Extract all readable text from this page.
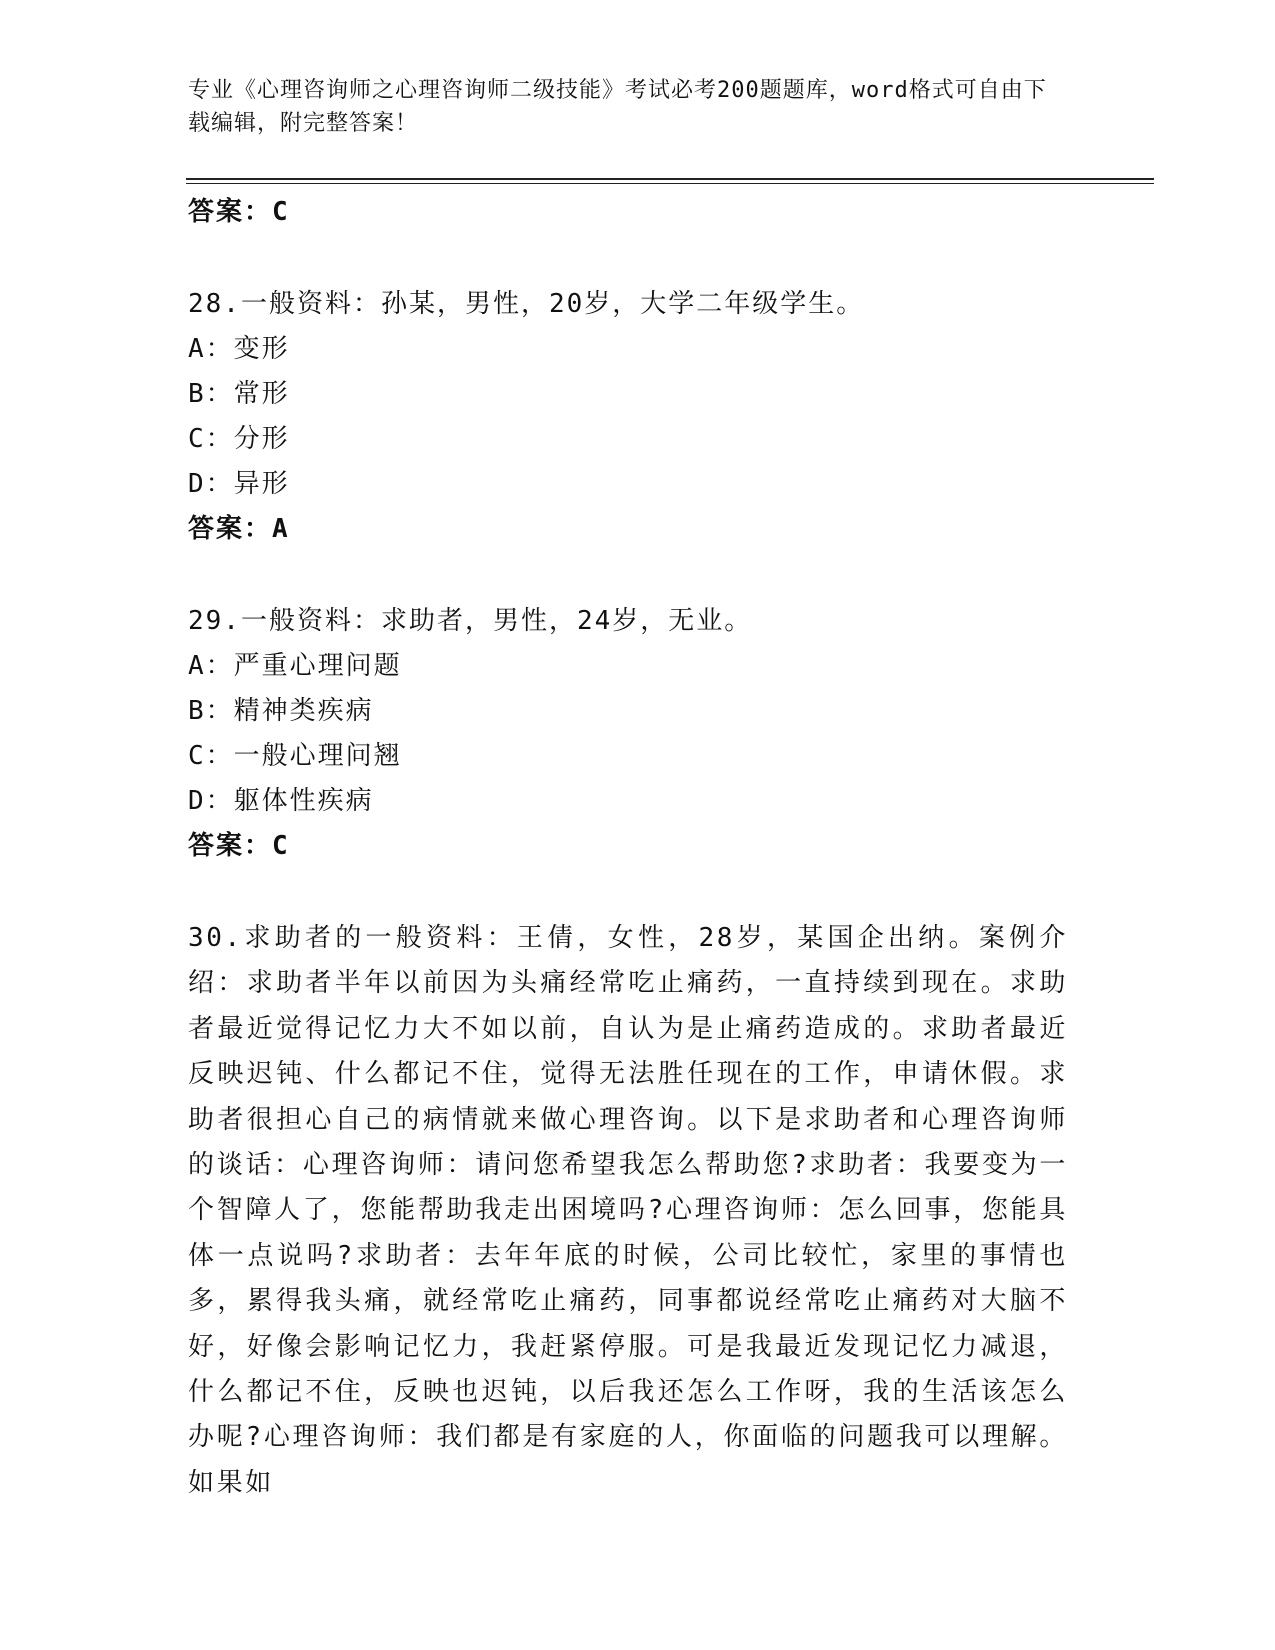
专业《心理咨询师之心理咨询师二级技能》考试必考200题题库，word格式可自由下载编辑，附完整答案！
答案：C
28.一般资料：孙某，男性，20岁，大学二年级学生。
A：变形
B：常形
C：分形
D：异形
答案：A
29.一般资料：求助者，男性，24岁，无业。
A：严重心理问题
B：精神类疾病
C：一般心理问翘
D：躯体性疾病
答案：C
30.求助者的一般资料：王倩，女性，28岁，某国企出纳。案例介绍：求助者半年以前因为头痛经常吃止痛药，一直持续到现在。求助者最近觉得记忆力大不如以前，自认为是止痛药造成的。求助者最近反映迟钝、什么都记不住，觉得无法胜任现在的工作，申请休假。求助者很担心自己的病情就来做心理咨询。以下是求助者和心理咨询师的谈话：心理咨询师：请问您希望我怎么帮助您?求助者：我要变为一个智障人了，您能帮助我走出困境吗?心理咨询师：怎么回事，您能具体一点说吗?求助者：去年年底的时候，公司比较忙，家里的事情也多，累得我头痛，就经常吃止痛药，同事都说经常吃止痛药对大脑不好，好像会影响记忆力，我赶紧停服。可是我最近发现记忆力减退，什么都记不住，反映也迟钝，以后我还怎么工作呀，我的生活该怎么办呢?心理咨询师：我们都是有家庭的人，你面临的问题我可以理解。如果如
